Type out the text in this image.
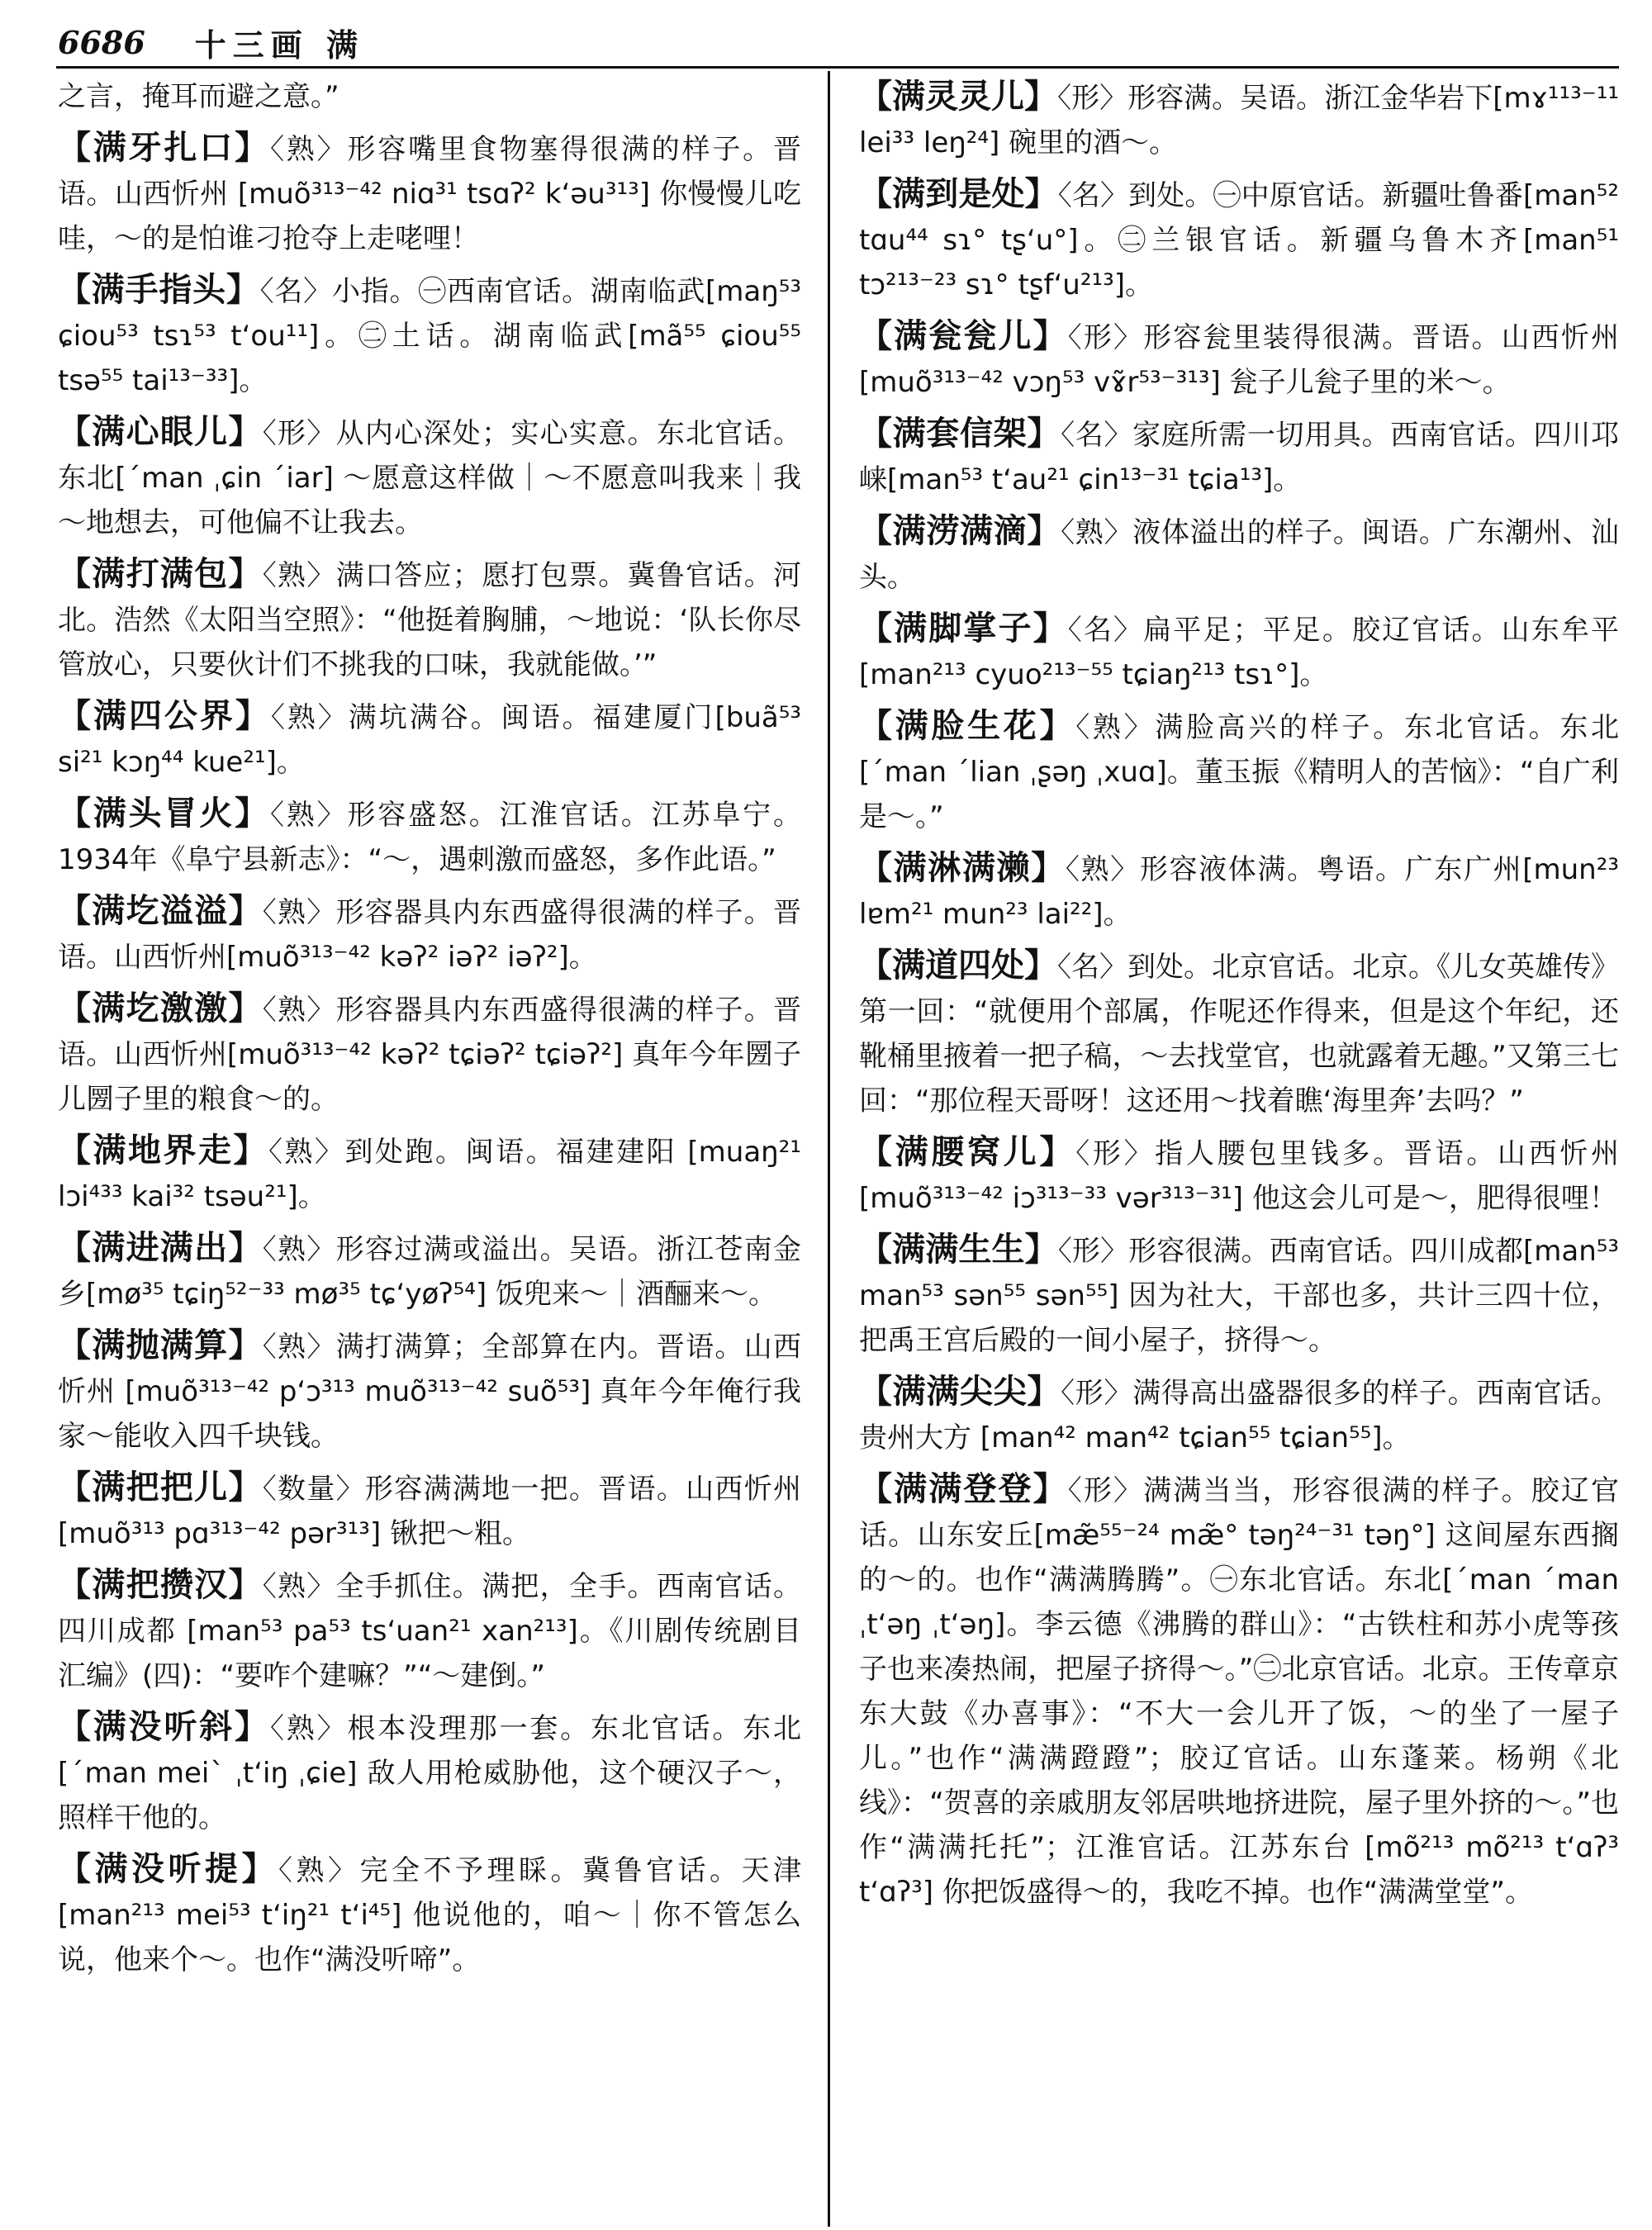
6686 十三画 满

之言，掩耳而避之意。”

【满牙扎口】〈熟〉形容嘴里食物塞得很满的样子。晋语。山西忻州 [muõ³¹³⁻⁴² niɑ³¹ tsɑʔ² k‘əu³¹³] 你慢慢儿吃哇，～的是怕谁刁抢夺上走咾哩！

【满手指头】〈名〉小指。㊀西南官话。湖南临武[maŋ⁵³ ɕiou⁵³ tsɿ⁵³ t‘ou¹¹]。㊁土话。湖南临武[mã⁵⁵ ɕiou⁵⁵ tsə⁵⁵ tai¹³⁻³³]。

【满心眼儿】〈形〉从内心深处；实心实意。东北官话。东北[ˊman ˌɕin ˊiar] ～愿意这样做｜～不愿意叫我来｜我～地想去，可他偏不让我去。

【满打满包】〈熟〉满口答应；愿打包票。冀鲁官话。河北。浩然《太阳当空照》：“他挺着胸脯，～地说：‘队长你尽管放心，只要伙计们不挑我的口味，我就能做。’”

【满四公界】〈熟〉满坑满谷。闽语。福建厦门[buã⁵³ si²¹ kɔŋ⁴⁴ kue²¹]。

【满头冒火】〈熟〉形容盛怒。江淮官话。江苏阜宁。1934年《阜宁县新志》：“～，遇刺激而盛怒，多作此语。”

【满圪溢溢】〈熟〉形容器具内东西盛得很满的样子。晋语。山西忻州[muõ³¹³⁻⁴² kəʔ² iəʔ² iəʔ²]。

【满圪激激】〈熟〉形容器具内东西盛得很满的样子。晋语。山西忻州[muõ³¹³⁻⁴² kəʔ² tɕiəʔ² tɕiəʔ²] 真年今年圐子儿圐子里的粮食～的。

【满地界走】〈熟〉到处跑。闽语。福建建阳 [muaŋ²¹ lɔi⁴³³ kai³² tsəu²¹]。

【满进满出】〈熟〉形容过满或溢出。吴语。浙江苍南金乡[mø³⁵ tɕiŋ⁵²⁻³³ mø³⁵ tɕ‘yøʔ⁵⁴] 饭兜来～｜酒酾来～。

【满抛满算】〈熟〉满打满算；全部算在内。晋语。山西忻州 [muõ³¹³⁻⁴² p‘ɔ³¹³ muõ³¹³⁻⁴² suõ⁵³] 真年今年俺行我家～能收入四千块钱。

【满把把儿】〈数量〉形容满满地一把。晋语。山西忻州[muõ³¹³ pɑ³¹³⁻⁴² pər³¹³] 锹把～粗。

【满把攒汉】〈熟〉全手抓住。满把，全手。西南官话。四川成都 [man⁵³ pa⁵³ ts‘uan²¹ xan²¹³]。《川剧传统剧目汇编》(四)：“要咋个建嘛？”“～建倒。”

【满没听斜】〈熟〉根本没理那一套。东北官话。东北[ˊman meiˋ ˌt‘iŋ ˌɕie] 敌人用枪威胁他，这个硬汉子～，照样干他的。

【满没听提】〈熟〉完全不予理睬。冀鲁官话。天津[man²¹³ mei⁵³ t‘iŋ²¹ t‘i⁴⁵] 他说他的，咱～｜你不管怎么说，他来个～。也作“满没听啼”。

【满灵灵儿】〈形〉形容满。吴语。浙江金华岩下[mɤ¹¹³⁻¹¹ lei³³ leŋ²⁴] 碗里的酒～。

【满到是处】〈名〉到处。㊀中原官话。新疆吐鲁番[man⁵² tɑu⁴⁴ sɿ° tʂ‘u°]。㊁兰银官话。新疆乌鲁木齐[man⁵¹ tɔ²¹³⁻²³ sɿ° tʂf‘u²¹³]。

【满瓮瓮儿】〈形〉形容瓮里装得很满。晋语。山西忻州[muõ³¹³⁻⁴² vɔŋ⁵³ vɤ̃r⁵³⁻³¹³] 瓮子儿瓮子里的米～。

【满套信架】〈名〉家庭所需一切用具。西南官话。四川邛崃[man⁵³ t‘au²¹ ɕin¹³⁻³¹ tɕia¹³]。

【满涝满滴】〈熟〉液体溢出的样子。闽语。广东潮州、汕头。

【满脚掌子】〈名〉扁平足；平足。胶辽官话。山东牟平[man²¹³ cyuo²¹³⁻⁵⁵ tɕiaŋ²¹³ tsɿ°]。

【满脸生花】〈熟〉满脸高兴的样子。东北官话。东北[ˊman ˊlian ˌʂəŋ ˌxuɑ]。董玉振《精明人的苦恼》：“自广利是～。”

【满淋满濑】〈熟〉形容液体满。粤语。广东广州[mun²³ lɐm²¹ mun²³ lai²²]。

【满道四处】〈名〉到处。北京官话。北京。《儿女英雄传》第一回：“就便用个部属，作呢还作得来，但是这个年纪，还靴桶里掖着一把子稿，～去找堂官，也就露着无趣。”又第三七回：“那位程天哥呀！这还用～找着瞧‘海里奔’去吗？”

【满腰窝儿】〈形〉指人腰包里钱多。晋语。山西忻州[muõ³¹³⁻⁴² iɔ³¹³⁻³³ vər³¹³⁻³¹] 他这会儿可是～，肥得很哩！

【满满生生】〈形〉形容很满。西南官话。四川成都[man⁵³ man⁵³ sən⁵⁵ sən⁵⁵] 因为社大，干部也多，共计三四十位，把禹王宫后殿的一间小屋子，挤得～。

【满满尖尖】〈形〉满得高出盛器很多的样子。西南官话。贵州大方 [man⁴² man⁴² tɕian⁵⁵ tɕian⁵⁵]。

【满满登登】〈形〉满满当当，形容很满的样子。胶辽官话。山东安丘[mæ̃⁵⁵⁻²⁴ mæ̃° təŋ²⁴⁻³¹ təŋ°] 这间屋东西搁的～的。也作“满满腾腾”。㊀东北官话。东北[ˊman ˊman ˌt‘əŋ ˌt‘əŋ]。李云德《沸腾的群山》：“古铁柱和苏小虎等孩子也来凑热闹，把屋子挤得～。”㊁北京官话。北京。王传章京东大鼓《办喜事》：“不大一会儿开了饭，～的坐了一屋子儿。”也作“满满蹬蹬”；胶辽官话。山东蓬莱。杨朔《北线》：“贺喜的亲戚朋友邻居哄地挤进院，屋子里外挤的～。”也作“满满托托”；江淮官话。江苏东台 [mõ²¹³ mõ²¹³ t‘ɑʔ³ t‘ɑʔ³] 你把饭盛得～的，我吃不掉。也作“满满堂堂”。
